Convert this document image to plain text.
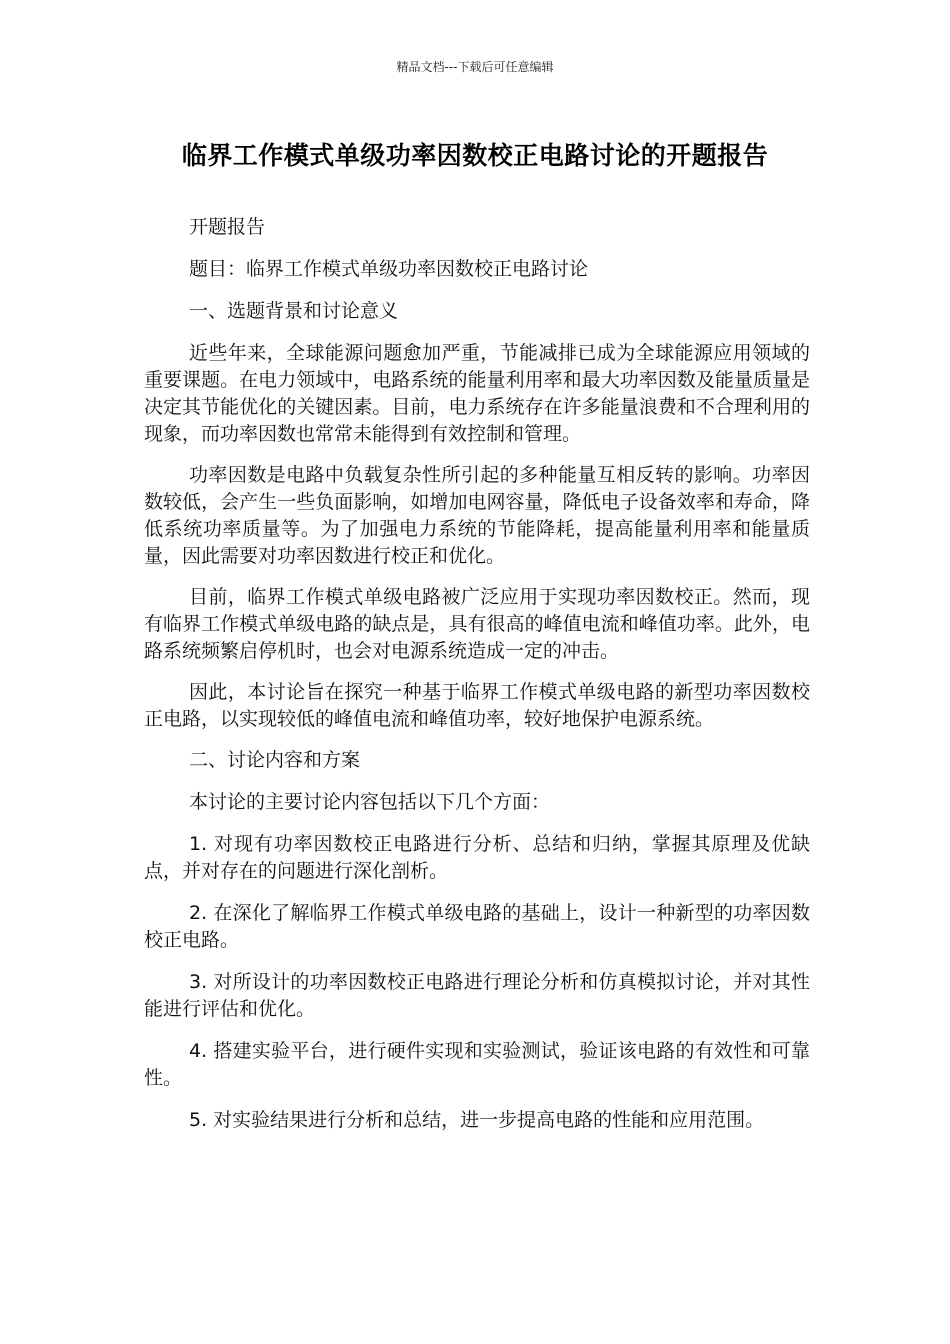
精品文档---下载后可任意编辑
临界工作模式单级功率因数校正电路讨论的开题报告

开题报告

题目：临界工作模式单级功率因数校正电路讨论

一、选题背景和讨论意义

近些年来，全球能源问题愈加严重，节能减排已成为全球能源应用领域的重要课题。在电力领域中，电路系统的能量利用率和最大功率因数及能量质量是决定其节能优化的关键因素。目前，电力系统存在许多能量浪费和不合理利用的现象，而功率因数也常常未能得到有效控制和管理。

功率因数是电路中负载复杂性所引起的多种能量互相反转的影响。功率因数较低，会产生一些负面影响，如增加电网容量，降低电子设备效率和寿命，降低系统功率质量等。为了加强电力系统的节能降耗，提高能量利用率和能量质量，因此需要对功率因数进行校正和优化。

目前，临界工作模式单级电路被广泛应用于实现功率因数校正。然而，现有临界工作模式单级电路的缺点是，具有很高的峰值电流和峰值功率。此外，电路系统频繁启停机时，也会对电源系统造成一定的冲击。

因此，本讨论旨在探究一种基于临界工作模式单级电路的新型功率因数校正电路，以实现较低的峰值电流和峰值功率，较好地保护电源系统。

二、讨论内容和方案

本讨论的主要讨论内容包括以下几个方面：

1. 对现有功率因数校正电路进行分析、总结和归纳，掌握其原理及优缺点，并对存在的问题进行深化剖析。

2. 在深化了解临界工作模式单级电路的基础上，设计一种新型的功率因数校正电路。

3. 对所设计的功率因数校正电路进行理论分析和仿真模拟讨论，并对其性能进行评估和优化。

4. 搭建实验平台，进行硬件实现和实验测试，验证该电路的有效性和可靠性。

5. 对实验结果进行分析和总结，进一步提高电路的性能和应用范围。
